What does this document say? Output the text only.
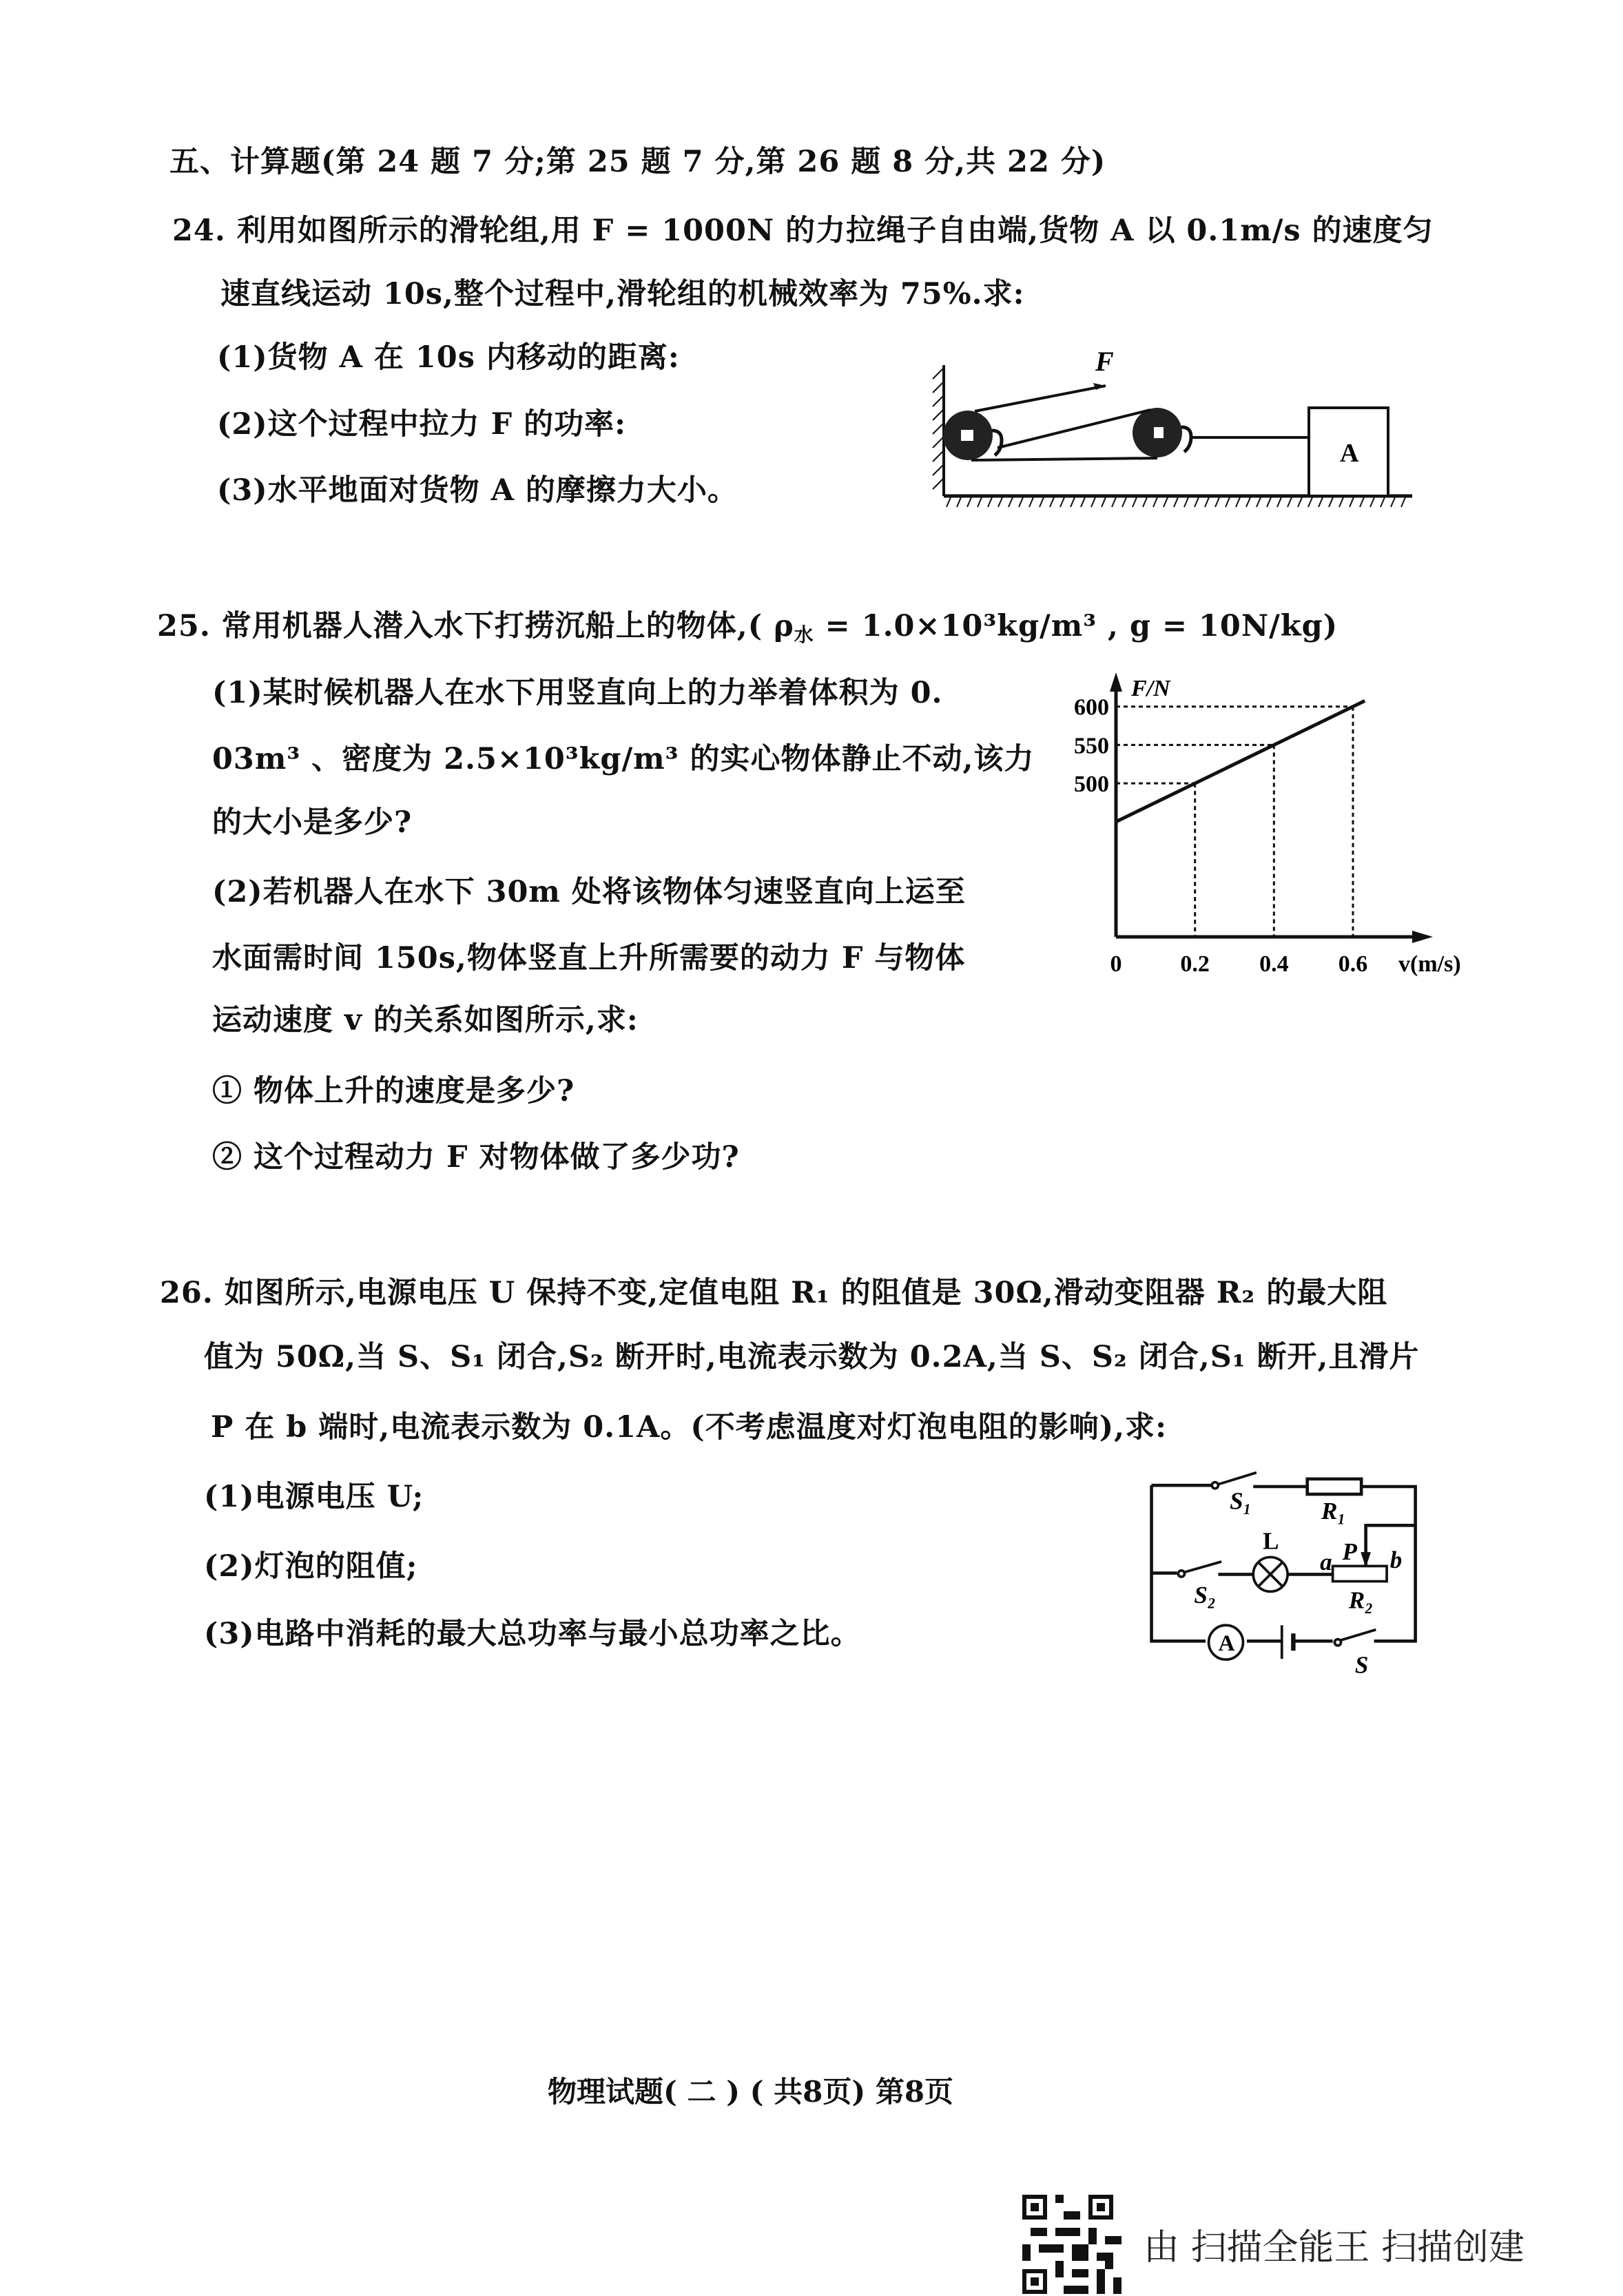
五、计算题(第 24 题 7 分;第 25 题 7 分,第 26 题 8 分,共 22 分)
24. 利用如图所示的滑轮组,用 F = 1000N 的力拉绳子自由端,货物 A 以 0.1m/s 的速度匀
速直线运动 10s,整个过程中,滑轮组的机械效率为 75%.求:
(1)货物 A 在 10s 内移动的距离:
(2)这个过程中拉力 F 的功率:
(3)水平地面对货物 A 的摩擦力大小。
F
A
25. 常用机器人潜入水下打捞沉船上的物体,( $\rho_水 = 1.0\times 10^3kg/m^3$ , g = 10N/kg)
(1)某时候机器人在水下用竖直向上的力举着体积为 0.
03m³ 、密度为 2.5×10³kg/m³ 的实心物体静止不动,该力
的大小是多少?
(2)若机器人在水下 30m 处将该物体匀速竖直向上运至
水面需时间 150s,物体竖直上升所需要的动力 F 与物体
运动速度 v 的关系如图所示,求:
① 物体上升的速度是多少?
② 这个过程动力 F 对物体做了多少功?
F/N
v(m/s)
500
550
600
0 0.2 0.4 0.6
26. 如图所示,电源电压 U 保持不变,定值电阻 R₁ 的阻值是 30Ω,滑动变阻器 R₂ 的最大阻
值为 50Ω,当 S、S₁ 闭合,S₂ 断开时,电流表示数为 0.2A,当 S、S₂ 闭合,S₁ 断开,且滑片
P 在 b 端时,电流表示数为 0.1A。(不考虑温度对灯泡电阻的影响),求:
(1)电源电压 U;
(2)灯泡的阻值;
(3)电路中消耗的最大总功率与最小总功率之比。	A
S₁	R₁
L
a P b
S₂	R₂
S
物理试题( 二 ) ( 共8页) 第8页
由 扫描全能王 扫描创建
